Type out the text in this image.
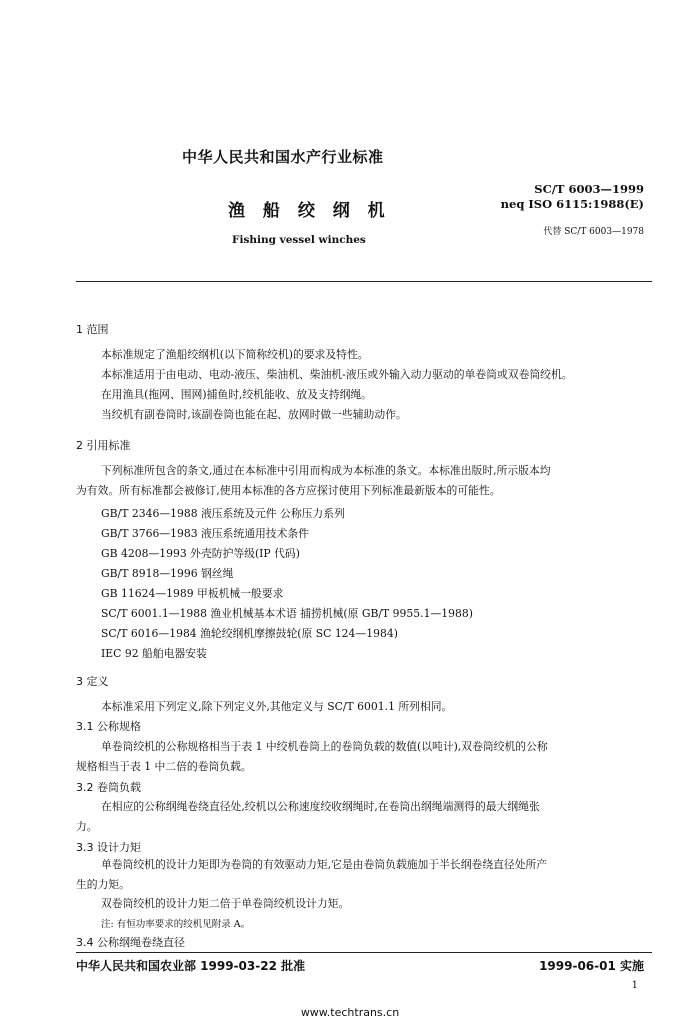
中华人民共和国水产行业标准
渔 船 绞 纲 机
Fishing vessel winches
SC/T 6003—1999
neq ISO 6115:1988(E)
代替 SC/T 6003—1978
1 范围
本标准规定了渔船绞纲机(以下简称绞机)的要求及特性。
本标准适用于由电动、电动-液压、柴油机、柴油机-液压或外输入动力驱动的单卷筒或双卷筒绞机。
在用渔具(拖网、围网)捕鱼时,绞机能收、放及支持纲绳。
当绞机有副卷筒时,该副卷筒也能在起、放网时做一些辅助动作。
2 引用标准
下列标准所包含的条文,通过在本标准中引用而构成为本标准的条文。本标准出版时,所示版本均
为有效。所有标准都会被修订,使用本标准的各方应探讨使用下列标准最新版本的可能性。
GB/T 2346—1988 液压系统及元件 公称压力系列
GB/T 3766—1983 液压系统通用技术条件
GB 4208—1993 外壳防护等级(IP 代码)
GB/T 8918—1996 钢丝绳
GB 11624—1989 甲板机械一般要求
SC/T 6001.1—1988 渔业机械基本术语 捕捞机械(原 GB/T 9955.1—1988)
SC/T 6016—1984 渔轮绞纲机摩擦鼓轮(原 SC 124—1984)
IEC 92 船舶电器安装
3 定义
本标准采用下列定义,除下列定义外,其他定义与 SC/T 6001.1 所列相同。
3.1 公称规格
单卷筒绞机的公称规格相当于表 1 中绞机卷筒上的卷筒负载的数值(以吨计),双卷筒绞机的公称
规格相当于表 1 中二倍的卷筒负载。
3.2 卷筒负载
在相应的公称纲绳卷绕直径处,绞机以公称速度绞收纲绳时,在卷筒出纲绳端测得的最大纲绳张
力。
3.3 设计力矩
单卷筒绞机的设计力矩即为卷筒的有效驱动力矩,它是由卷筒负载施加于半长纲卷绕直径处所产
生的力矩。
双卷筒绞机的设计力矩二倍于单卷筒绞机设计力矩。
注: 有恒功率要求的绞机见附录 A。
3.4 公称纲绳卷绕直径
中华人民共和国农业部 1999-03-22 批准	1999-06-01 实施
1
www.techtrans.cn
